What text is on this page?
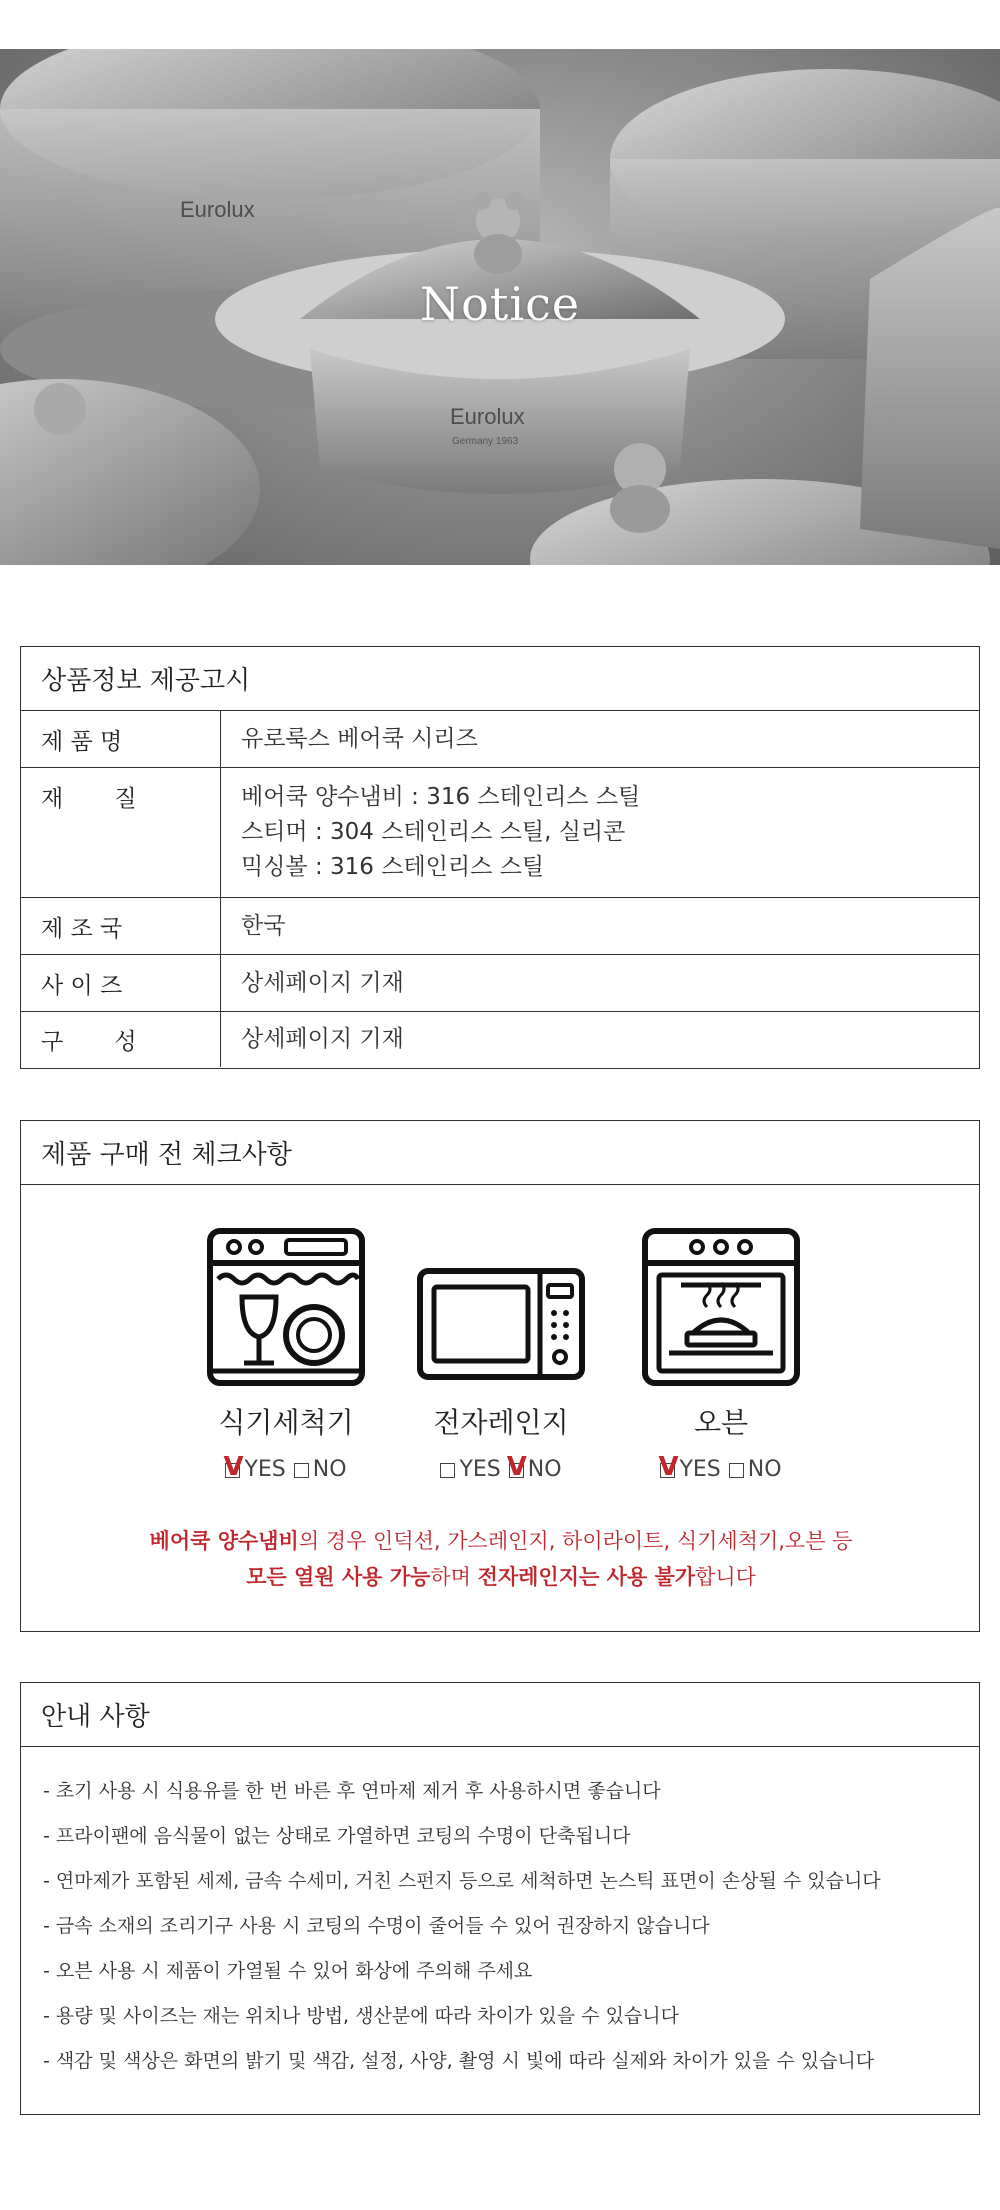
Eurolux
Eurolux
Germany 1963
Notice
상품정보 제공고시
제 품 명	유로룩스 베어쿡 시리즈
재       질	베어쿡 양수냄비 : 316 스테인리스 스틸
스티머 : 304 스테인리스 스틸, 실리콘
믹싱볼 : 316 스테인리스 스틸
제 조 국	한국
사 이 즈	상세페이지 기재
구       성	상세페이지 기재
제품 구매 전 체크사항
식기세척기
V YES NO
전자레인지
YES V NO
오븐
V YES NO
베어쿡 양수냄비의 경우 인덕션, 가스레인지, 하이라이트, 식기세척기,오븐 등
모든 열원 사용 가능하며 전자레인지는 사용 불가합니다
안내 사항
- 초기 사용 시 식용유를 한 번 바른 후 연마제 제거 후 사용하시면 좋습니다
- 프라이팬에 음식물이 없는 상태로 가열하면 코팅의 수명이 단축됩니다
- 연마제가 포함된 세제, 금속 수세미, 거친 스펀지 등으로 세척하면 논스틱 표면이 손상될 수 있습니다
- 금속 소재의 조리기구 사용 시 코팅의 수명이 줄어들 수 있어 권장하지 않습니다
- 오븐 사용 시 제품이 가열될 수 있어 화상에 주의해 주세요
- 용량 및 사이즈는 재는 위치나 방법, 생산분에 따라 차이가 있을 수 있습니다
- 색감 및 색상은 화면의 밝기 및 색감, 설정, 사양, 촬영 시 빛에 따라 실제와 차이가 있을 수 있습니다
